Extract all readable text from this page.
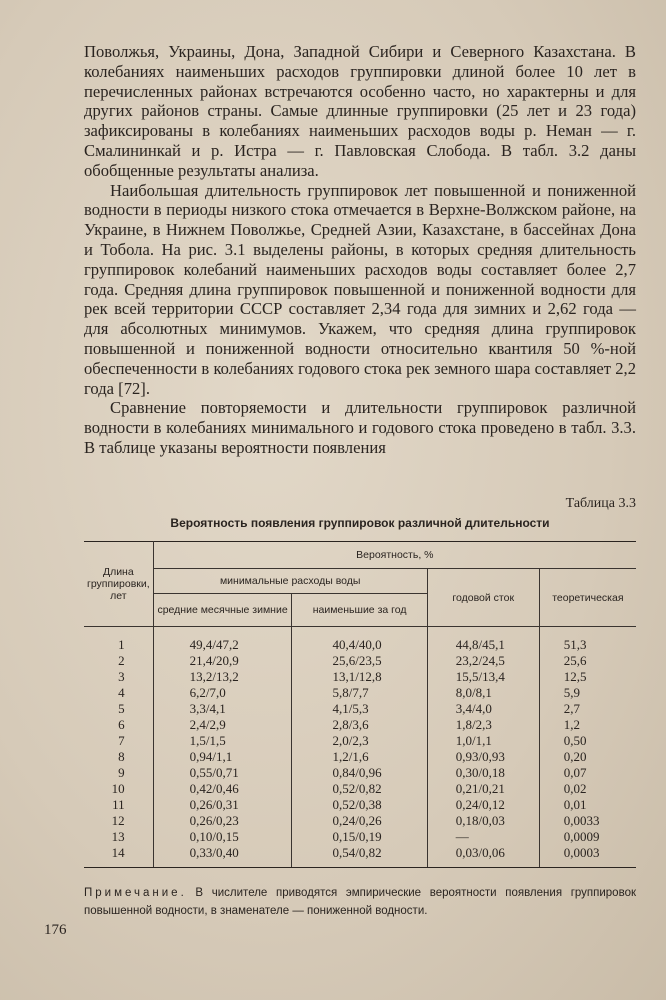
Поволжья, Украины, Дона, Западной Сибири и Северного Казахстана. В колебаниях наименьших расходов группировки длиной более 10 лет в перечисленных районах встречаются особенно часто, но характерны и для других районов страны. Самые длинные группировки (25 лет и 23 года) зафиксированы в колебаниях наименьших расходов воды р. Неман — г. Смалининкай и р. Истра — г. Павловская Слобода. В табл. 3.2 даны обобщенные результаты анализа.

Наибольшая длительность группировок лет повышенной и пониженной водности в периоды низкого стока отмечается в Верхне-Волжском районе, на Украине, в Нижнем Поволжье, Средней Азии, Казахстане, в бассейнах Дона и Тобола. На рис. 3.1 выделены районы, в которых средняя длительность группировок колебаний наименьших расходов воды составляет более 2,7 года. Средняя длина группировок повышенной и пониженной водности для рек всей территории СССР составляет 2,34 года для зимних и 2,62 года — для абсолютных минимумов. Укажем, что средняя длина группировок повышенной и пониженной водности относительно квантиля 50 %-ной обеспеченности в колебаниях годового стока рек земного шара составляет 2,2 года [72].

Сравнение повторяемости и длительности группировок различной водности в колебаниях минимального и годового стока проведено в табл. 3.3. В таблице указаны вероятности появления

Таблица 3.3
Вероятность появления группировок различной длительности
Длина группировки, лет	Вероятность, %			
	минимальные расходы воды		годовой сток	теоретическая
	средние месячные зимние	наименьшие за год		
1	49,4/47,2	40,4/40,0	44,8/45,1	51,3
2	21,4/20,9	25,6/23,5	23,2/24,5	25,6
3	13,2/13,2	13,1/12,8	15,5/13,4	12,5
4	6,2/7,0	5,8/7,7	8,0/8,1	5,9
5	3,3/4,1	4,1/5,3	3,4/4,0	2,7
6	2,4/2,9	2,8/3,6	1,8/2,3	1,2
7	1,5/1,5	2,0/2,3	1,0/1,1	0,50
8	0,94/1,1	1,2/1,6	0,93/0,93	0,20
9	0,55/0,71	0,84/0,96	0,30/0,18	0,07
10	0,42/0,46	0,52/0,82	0,21/0,21	0,02
11	0,26/0,31	0,52/0,38	0,24/0,12	0,01
12	0,26/0,23	0,24/0,26	0,18/0,03	0,0033
13	0,10/0,15	0,15/0,19	—	0,0009
14	0,33/0,40	0,54/0,82	0,03/0,06	0,0003
Примечание. В числителе приводятся эмпирические вероятности появления группировок повышенной водности, в знаменателе — пониженной водности.
176
